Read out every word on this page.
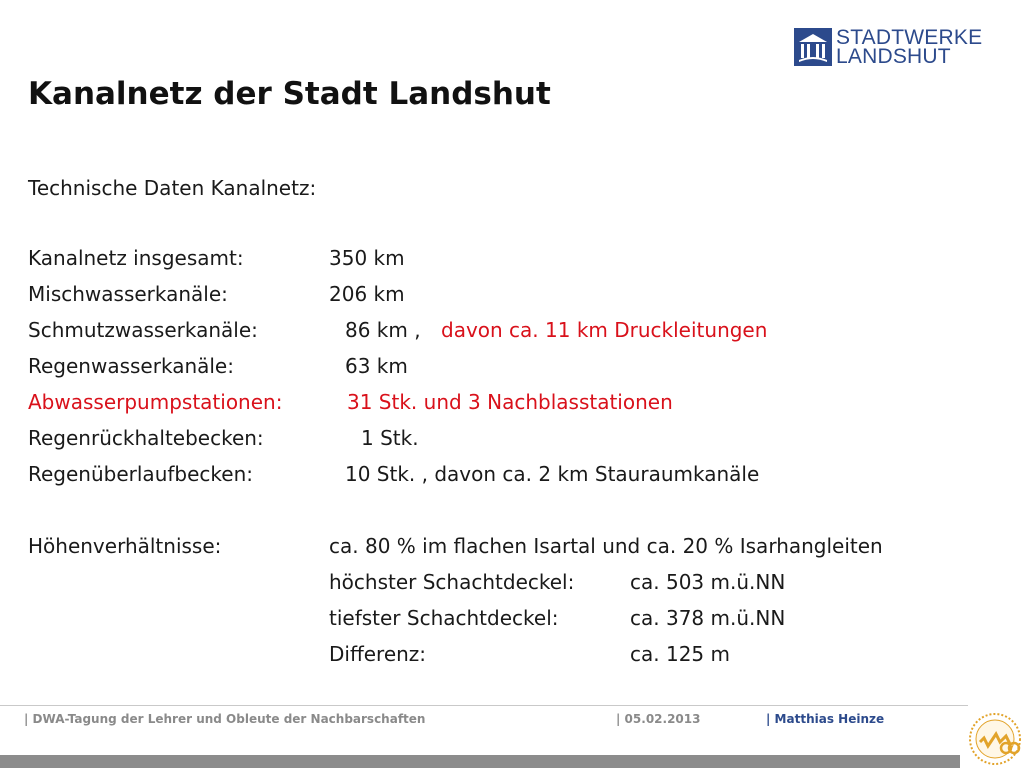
STADTWERKE
LANDSHUT
Kanalnetz der Stadt Landshut
Technische Daten Kanalnetz:
Kanalnetz insgesamt:	350 km
Mischwasserkanäle:	206 km
Schmutzwasserkanäle:	86 km , davon ca. 11 km Druckleitungen
Regenwasserkanäle:	63 km
Abwasserpumpstationen:	31 Stk. und 3 Nachblasstationen
Regenrückhaltebecken:	1 Stk.
Regenüberlaufbecken:	10 Stk. , davon ca. 2 km Stauraumkanäle
Höhenverhältnisse:	ca. 80 % im flachen Isartal und ca. 20 % Isarhangleiten
höchster Schachtdeckel:	ca. 503 m.ü.NN
tiefster Schachtdeckel:	ca. 378 m.ü.NN
Differenz:	ca. 125 m
| DWA-Tagung der Lehrer und Obleute der Nachbarschaften	| 05.02.2013	| Matthias Heinze
